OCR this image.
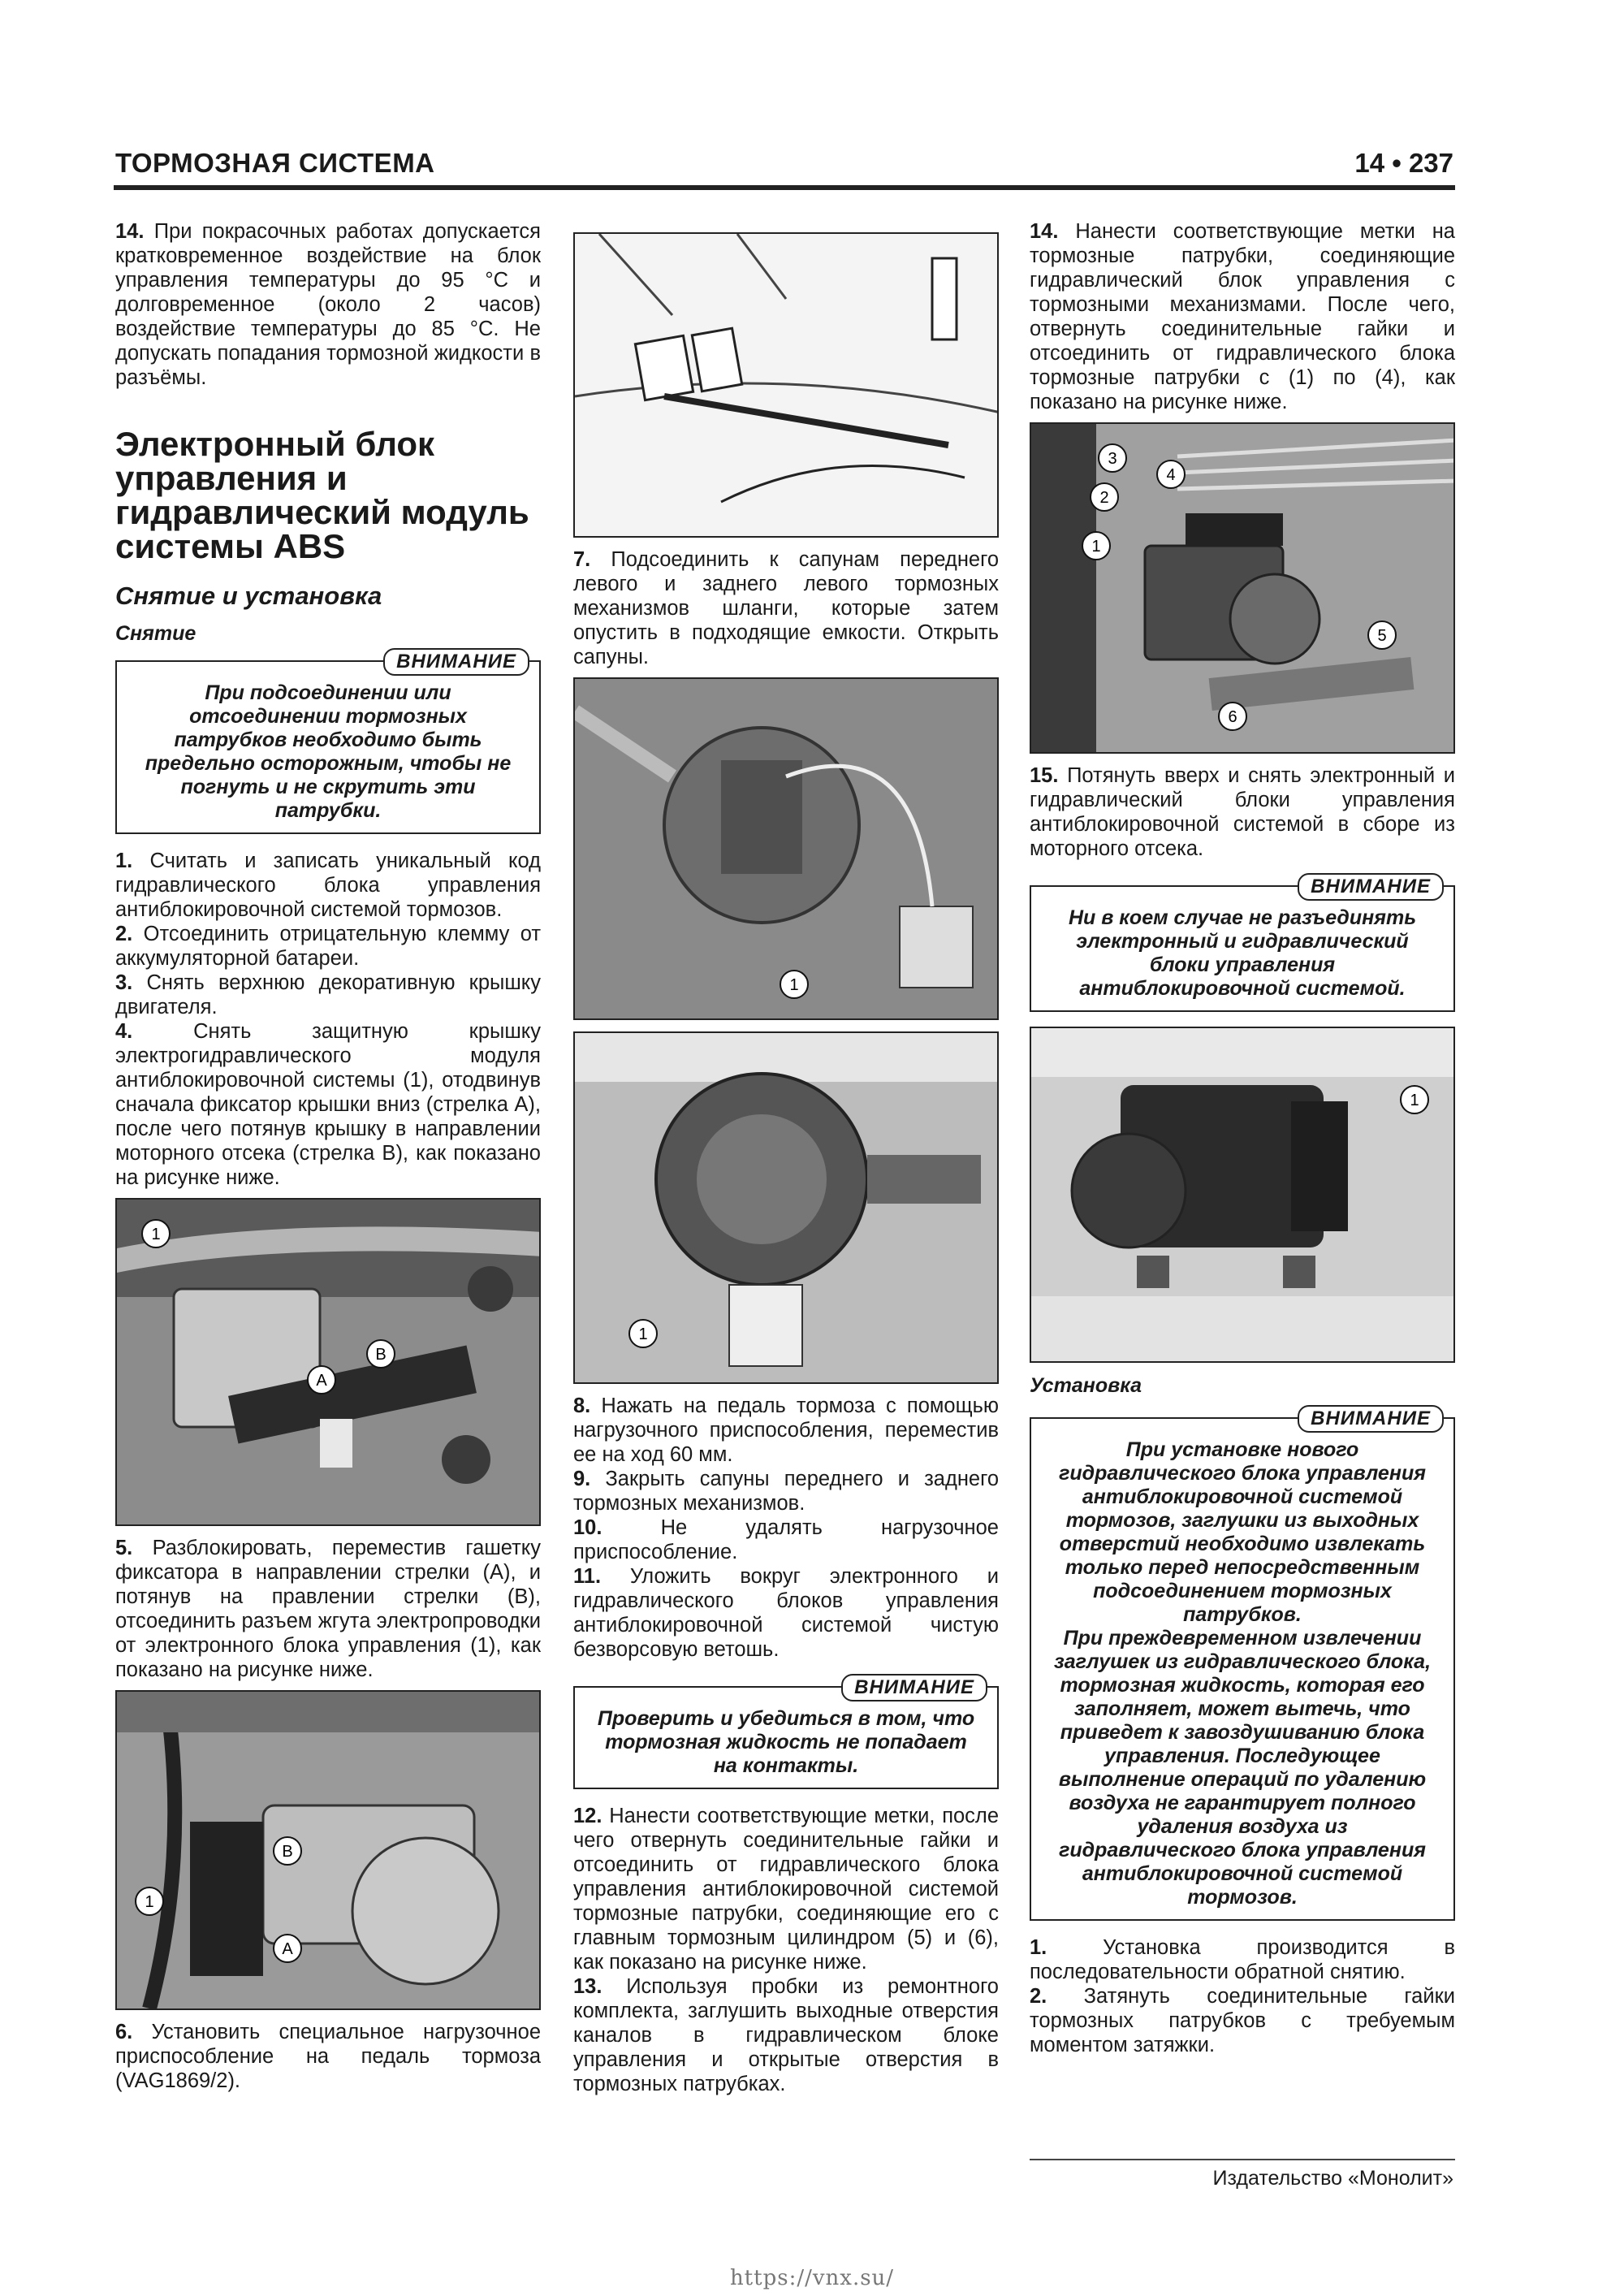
ТОРМОЗНАЯ СИСТЕМА	14 • 237

14. При покрасочных работах допускается кратковременное воздействие на блок управления температуры до 95 °С и долговременное (около 2 часов) воздействие температуры до 85 °С. Не допускать попадания тормозной жидкости в разъёмы.

Электронный блок управления и гидравлический модуль системы ABS
Снятие и установка
Снятие
ВНИМАНИЕ
При подсоединении или отсоединении тормозных патрубков необходимо быть предельно осторожным, чтобы не погнуть и не скрутить эти патрубки.

1. Считать и записать уникальный код гидравлического блока управления антиблокировочной системой тормозов.

2. Отсоединить отрицательную клемму от аккумуляторной батареи.

3. Снять верхнюю декоративную крышку двигателя.

4.	Снять защитную крышку электрогидравлического модуля антиблокировочной системы (1), отодвинув сначала фиксатор крышки вниз (стрелка А), после чего потянув крышку в направлении моторного отсека (стрелка В), как показано на рисунке ниже.

1
B
A

5. Разблокировать, переместив гашетку фиксатора в направлении стрелки (А), и потянув на правлении стрелки (В), отсоединить разъем жгута электропроводки от электронного блока управления (1), как показано на рисунке ниже.

1
B
A

6. Установить специальное нагрузочное приспособление на педаль тормоза (VAG1869/2).

7. Подсоединить к сапунам переднего левого и заднего левого тормозных механизмов шланги, которые затем опустить в подходящие емкости. Открыть сапуны.

1
1

8. Нажать на педаль тормоза с помощью нагрузочного приспособления, переместив ее на ход 60 мм.

9. Закрыть сапуны переднего и заднего тормозных механизмов.

10.	Не удалять нагрузочное приспособление.

11. Уложить вокруг электронного и гидравлического блоков управления антиблокировочной системой чистую безворсовую ветошь.

ВНИМАНИЕ
Проверить и убедиться в том, что тормозная жидкость не попадает на контакты.

12. Нанести соответствующие метки, после чего отвернуть соединительные гайки и отсоединить от гидравлического блока управления антиблокировочной системой тормозные патрубки, соединяющие его с главным тормозным цилиндром (5) и (6), как показано на рисунке ниже.

13. Используя пробки из ремонтного комплекта, заглушить выходные отверстия каналов в гидравлическом блоке управления и открытые отверстия в тормозных патрубках.

14. Нанести соответствующие метки на тормозные патрубки, соединяющие гидравлический блок управления с тормозными механизмами. После чего, отвернуть соединительные гайки и отсоединить от гидравлического блока тормозные патрубки с (1) по (4), как показано на рисунке ниже.

1
2
3
4
5
6

15. Потянуть вверх и снять электронный и гидравлический блоки управления антиблокировочной системой в сборе из моторного отсека.

ВНИМАНИЕ
Ни в коем случае не разъединять электронный и гидравлический блоки управления антиблокировочной системой.
1
Установка
ВНИМАНИЕ
При установке нового гидравлического блока управления антиблокировочной системой тормозов, заглушки из выходных отверстий необходимо извлекать только перед непосредственным подсоединением тормозных патрубков.
При преждевременном извлечении заглушек из гидравлического блока, тормозная жидкость, которая его заполняет, может вытечь, что приведет к завоздушиванию блока управления. Последующее выполнение операций по удалению воздуха не гарантирует полного удаления воздуха из гидравлического блока управления антиблокировочной системой тормозов.

1.	Установка производится в последовательности обратной снятию.

2. Затянуть соединительные гайки тормозных патрубков с требуемым моментом затяжки.

Издательство «Монолит»
https://vnx.su/
